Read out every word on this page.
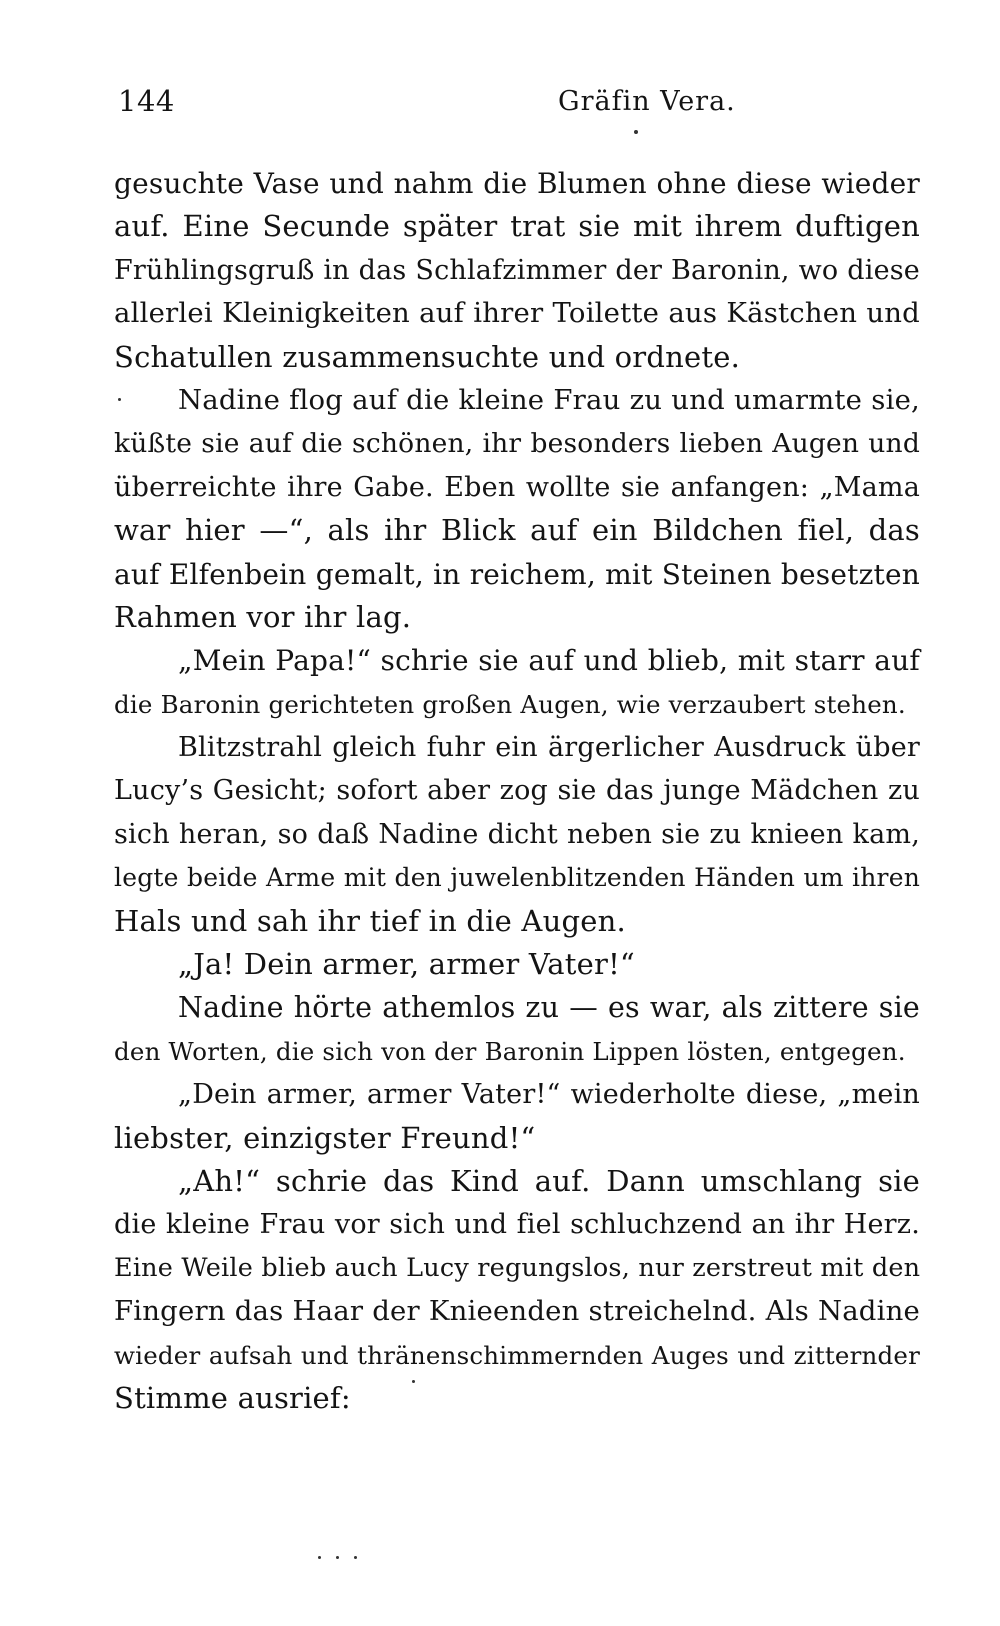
144	Gräfin Vera.
gesuchte Vase und nahm die Blumen ohne diese wieder
auf. Eine Secunde später trat sie mit ihrem duftigen
Frühlingsgruß in das Schlafzimmer der Baronin, wo diese
allerlei Kleinigkeiten auf ihrer Toilette aus Kästchen und
Schatullen zusammensuchte und ordnete.
Nadine flog auf die kleine Frau zu und umarmte sie,
küßte sie auf die schönen, ihr besonders lieben Augen und
überreichte ihre Gabe. Eben wollte sie anfangen: „Mama
war hier —“, als ihr Blick auf ein Bildchen fiel, das
auf Elfenbein gemalt, in reichem, mit Steinen besetzten
Rahmen vor ihr lag.
„Mein Papa!“ schrie sie auf und blieb, mit starr auf
die Baronin gerichteten großen Augen, wie verzaubert stehen.
Blitzstrahl gleich fuhr ein ärgerlicher Ausdruck über
Lucy’s Gesicht; sofort aber zog sie das junge Mädchen zu
sich heran, so daß Nadine dicht neben sie zu knieen kam,
legte beide Arme mit den juwelenblitzenden Händen um ihren
Hals und sah ihr tief in die Augen.
„Ja! Dein armer, armer Vater!“
Nadine hörte athemlos zu — es war, als zittere sie
den Worten, die sich von der Baronin Lippen lösten, entgegen.
„Dein armer, armer Vater!“ wiederholte diese, „mein
liebster, einzigster Freund!“
„Ah!“ schrie das Kind auf. Dann umschlang sie
die kleine Frau vor sich und fiel schluchzend an ihr Herz.
Eine Weile blieb auch Lucy regungslos, nur zerstreut mit den
Fingern das Haar der Knieenden streichelnd. Als Nadine
wieder aufsah und thränenschimmernden Auges und zitternder
Stimme ausrief:
